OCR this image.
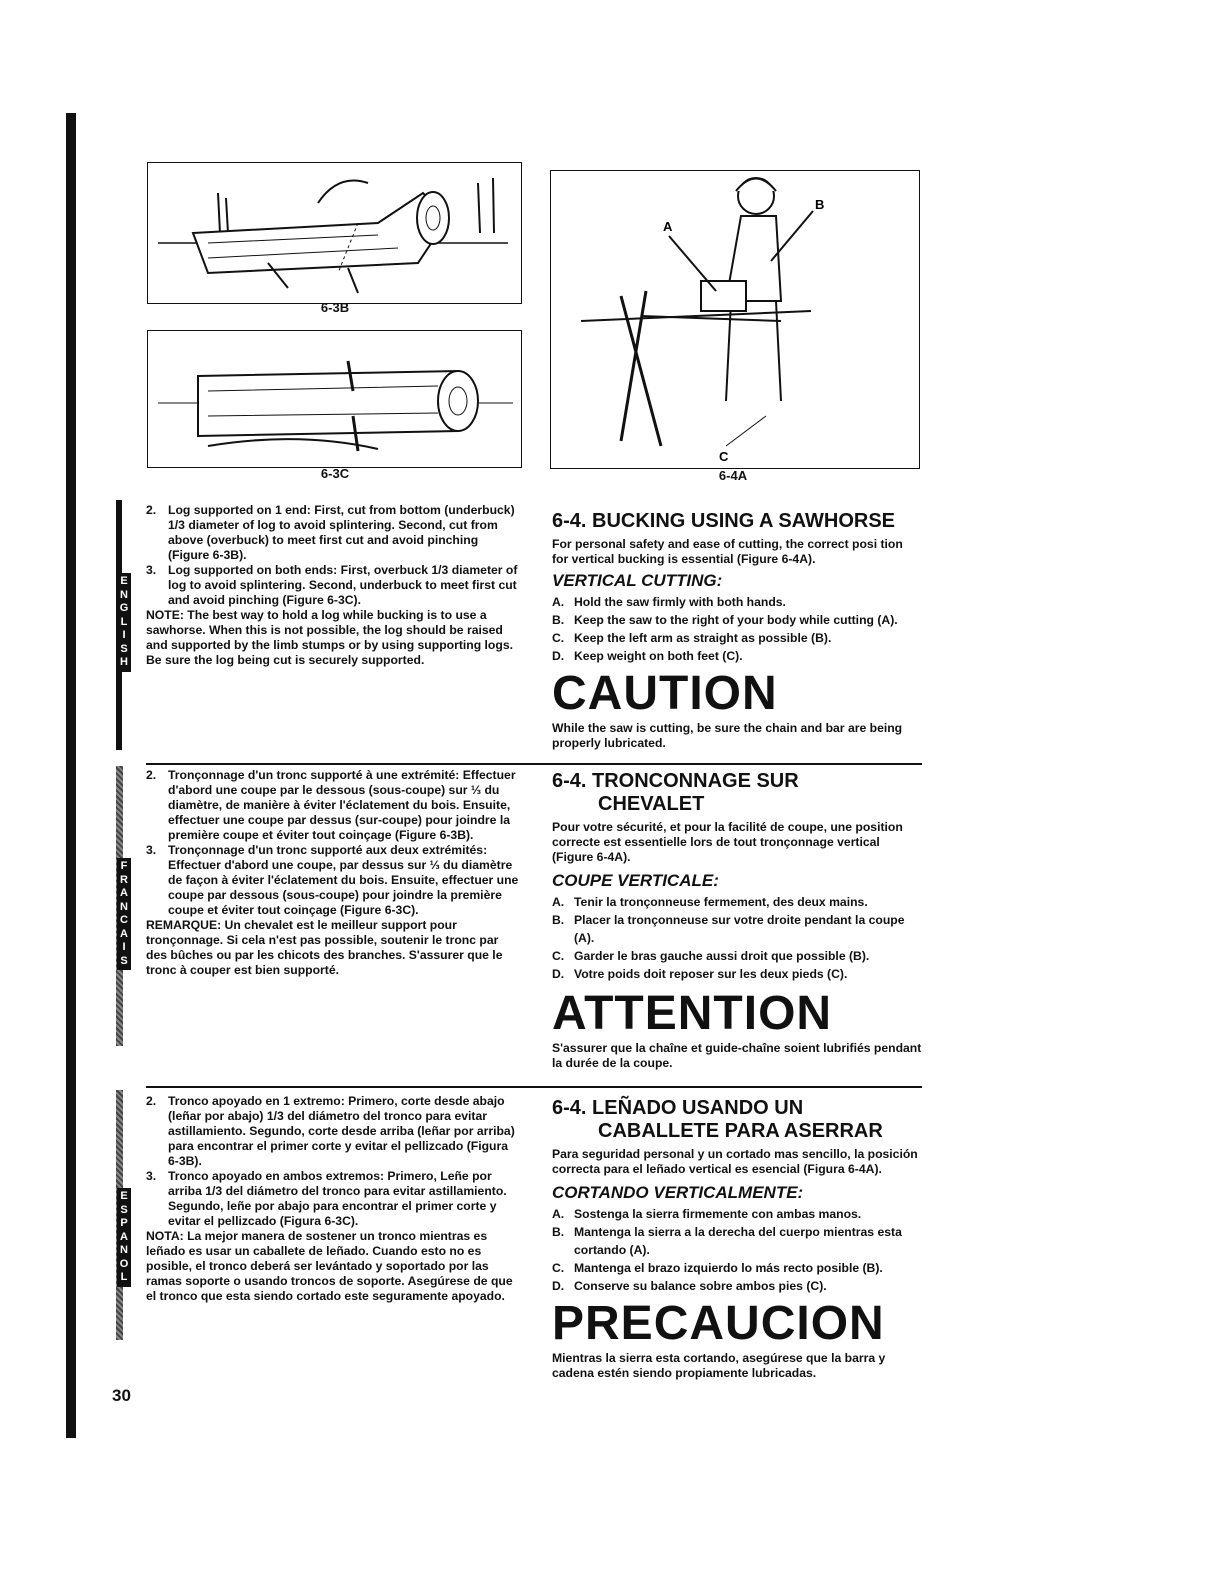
6-3B
6-3C
A
B
C
6-4A
E
N
G
L
I
S
H
2. Log supported on 1 end: First, cut from bottom (underbuck) 1/3 diameter of log to avoid splintering. Second, cut from above (overbuck) to meet first cut and avoid pinching (Figure 6-3B).
3. Log supported on both ends: First, overbuck 1/3 diameter of log to avoid splintering. Second, underbuck to meet first cut and avoid pinching (Figure 6-3C).
NOTE: The best way to hold a log while bucking is to use a sawhorse. When this is not possible, the log should be raised and supported by the limb stumps or by using supporting logs. Be sure the log being cut is securely supported.
6-4. BUCKING USING A SAWHORSE
For personal safety and ease of cutting, the correct posi tion for vertical bucking is essential (Figure 6-4A).
VERTICAL CUTTING:
A. Hold the saw firmly with both hands.
B. Keep the saw to the right of your body while cutting (A).
C. Keep the left arm as straight as possible (B).
D. Keep weight on both feet (C).
CAUTION
While the saw is cutting, be sure the chain and bar are being properly lubricated.
F
R
A
N
C
A
I
S
2. Tronçonnage d'un tronc supporté à une extrémité: Effectuer d'abord une coupe par le dessous (sous-coupe) sur ⅓ du diamètre, de manière à éviter l'éclatement du bois. Ensuite, effectuer une coupe par dessus (sur-coupe) pour joindre la première coupe et éviter tout coinçage (Figure 6-3B).
3. Tronçonnage d'un tronc supporté aux deux extrémités: Effectuer d'abord une coupe, par dessus sur ⅓ du diamètre de façon à éviter l'éclatement du bois. Ensuite, effectuer une coupe par dessous (sous-coupe) pour joindre la première coupe et éviter tout coinçage (Figure 6-3C).
REMARQUE: Un chevalet est le meilleur support pour tronçonnage. Si cela n'est pas possible, soutenir le tronc par des bûches ou par les chicots des branches. S'assurer que le tronc à couper est bien supporté.
6-4. TRONCONNAGE SUR
CHEVALET
Pour votre sécurité, et pour la facilité de coupe, une position correcte est essentielle lors de tout tronçonnage vertical (Figure 6-4A).
COUPE VERTICALE:
A. Tenir la tronçonneuse fermement, des deux mains.
B. Placer la tronçonneuse sur votre droite pendant la coupe (A).
C. Garder le bras gauche aussi droit que possible (B).
D. Votre poids doit reposer sur les deux pieds (C).
ATTENTION
S'assurer que la chaîne et guide-chaîne soient lubrifiés pendant la durée de la coupe.
E
S
P
A
N
O
L
2. Tronco apoyado en 1 extremo: Primero, corte desde abajo (leñar por abajo) 1/3 del diámetro del tronco para evitar astillamiento. Segundo, corte desde arriba (leñar por arriba) para encontrar el primer corte y evitar el pellizcado (Figura 6-3B).
3. Tronco apoyado en ambos extremos: Primero, Leñe por arriba 1/3 del diámetro del tronco para evitar astillamiento. Segundo, leñe por abajo para encontrar el primer corte y evitar el pellizcado (Figura 6-3C).
NOTA: La mejor manera de sostener un tronco mientras es leñado es usar un caballete de leñado. Cuando esto no es posible, el tronco deberá ser levántado y soportado por las ramas soporte o usando troncos de soporte. Asegúrese de que el tronco que esta siendo cortado este seguramente apoyado.
6-4. LEÑADO USANDO UN
CABALLETE PARA ASERRAR
Para seguridad personal y un cortado mas sencillo, la posición correcta para el leñado vertical es esencial (Figura 6-4A).
CORTANDO VERTICALMENTE:
A. Sostenga la sierra firmemente con ambas manos.
B. Mantenga la sierra a la derecha del cuerpo mientras esta cortando (A).
C. Mantenga el brazo izquierdo lo más recto posible (B).
D. Conserve su balance sobre ambos pies (C).
PRECAUCION
Mientras la sierra esta cortando, asegúrese que la barra y cadena estén siendo propiamente lubricadas.
30
